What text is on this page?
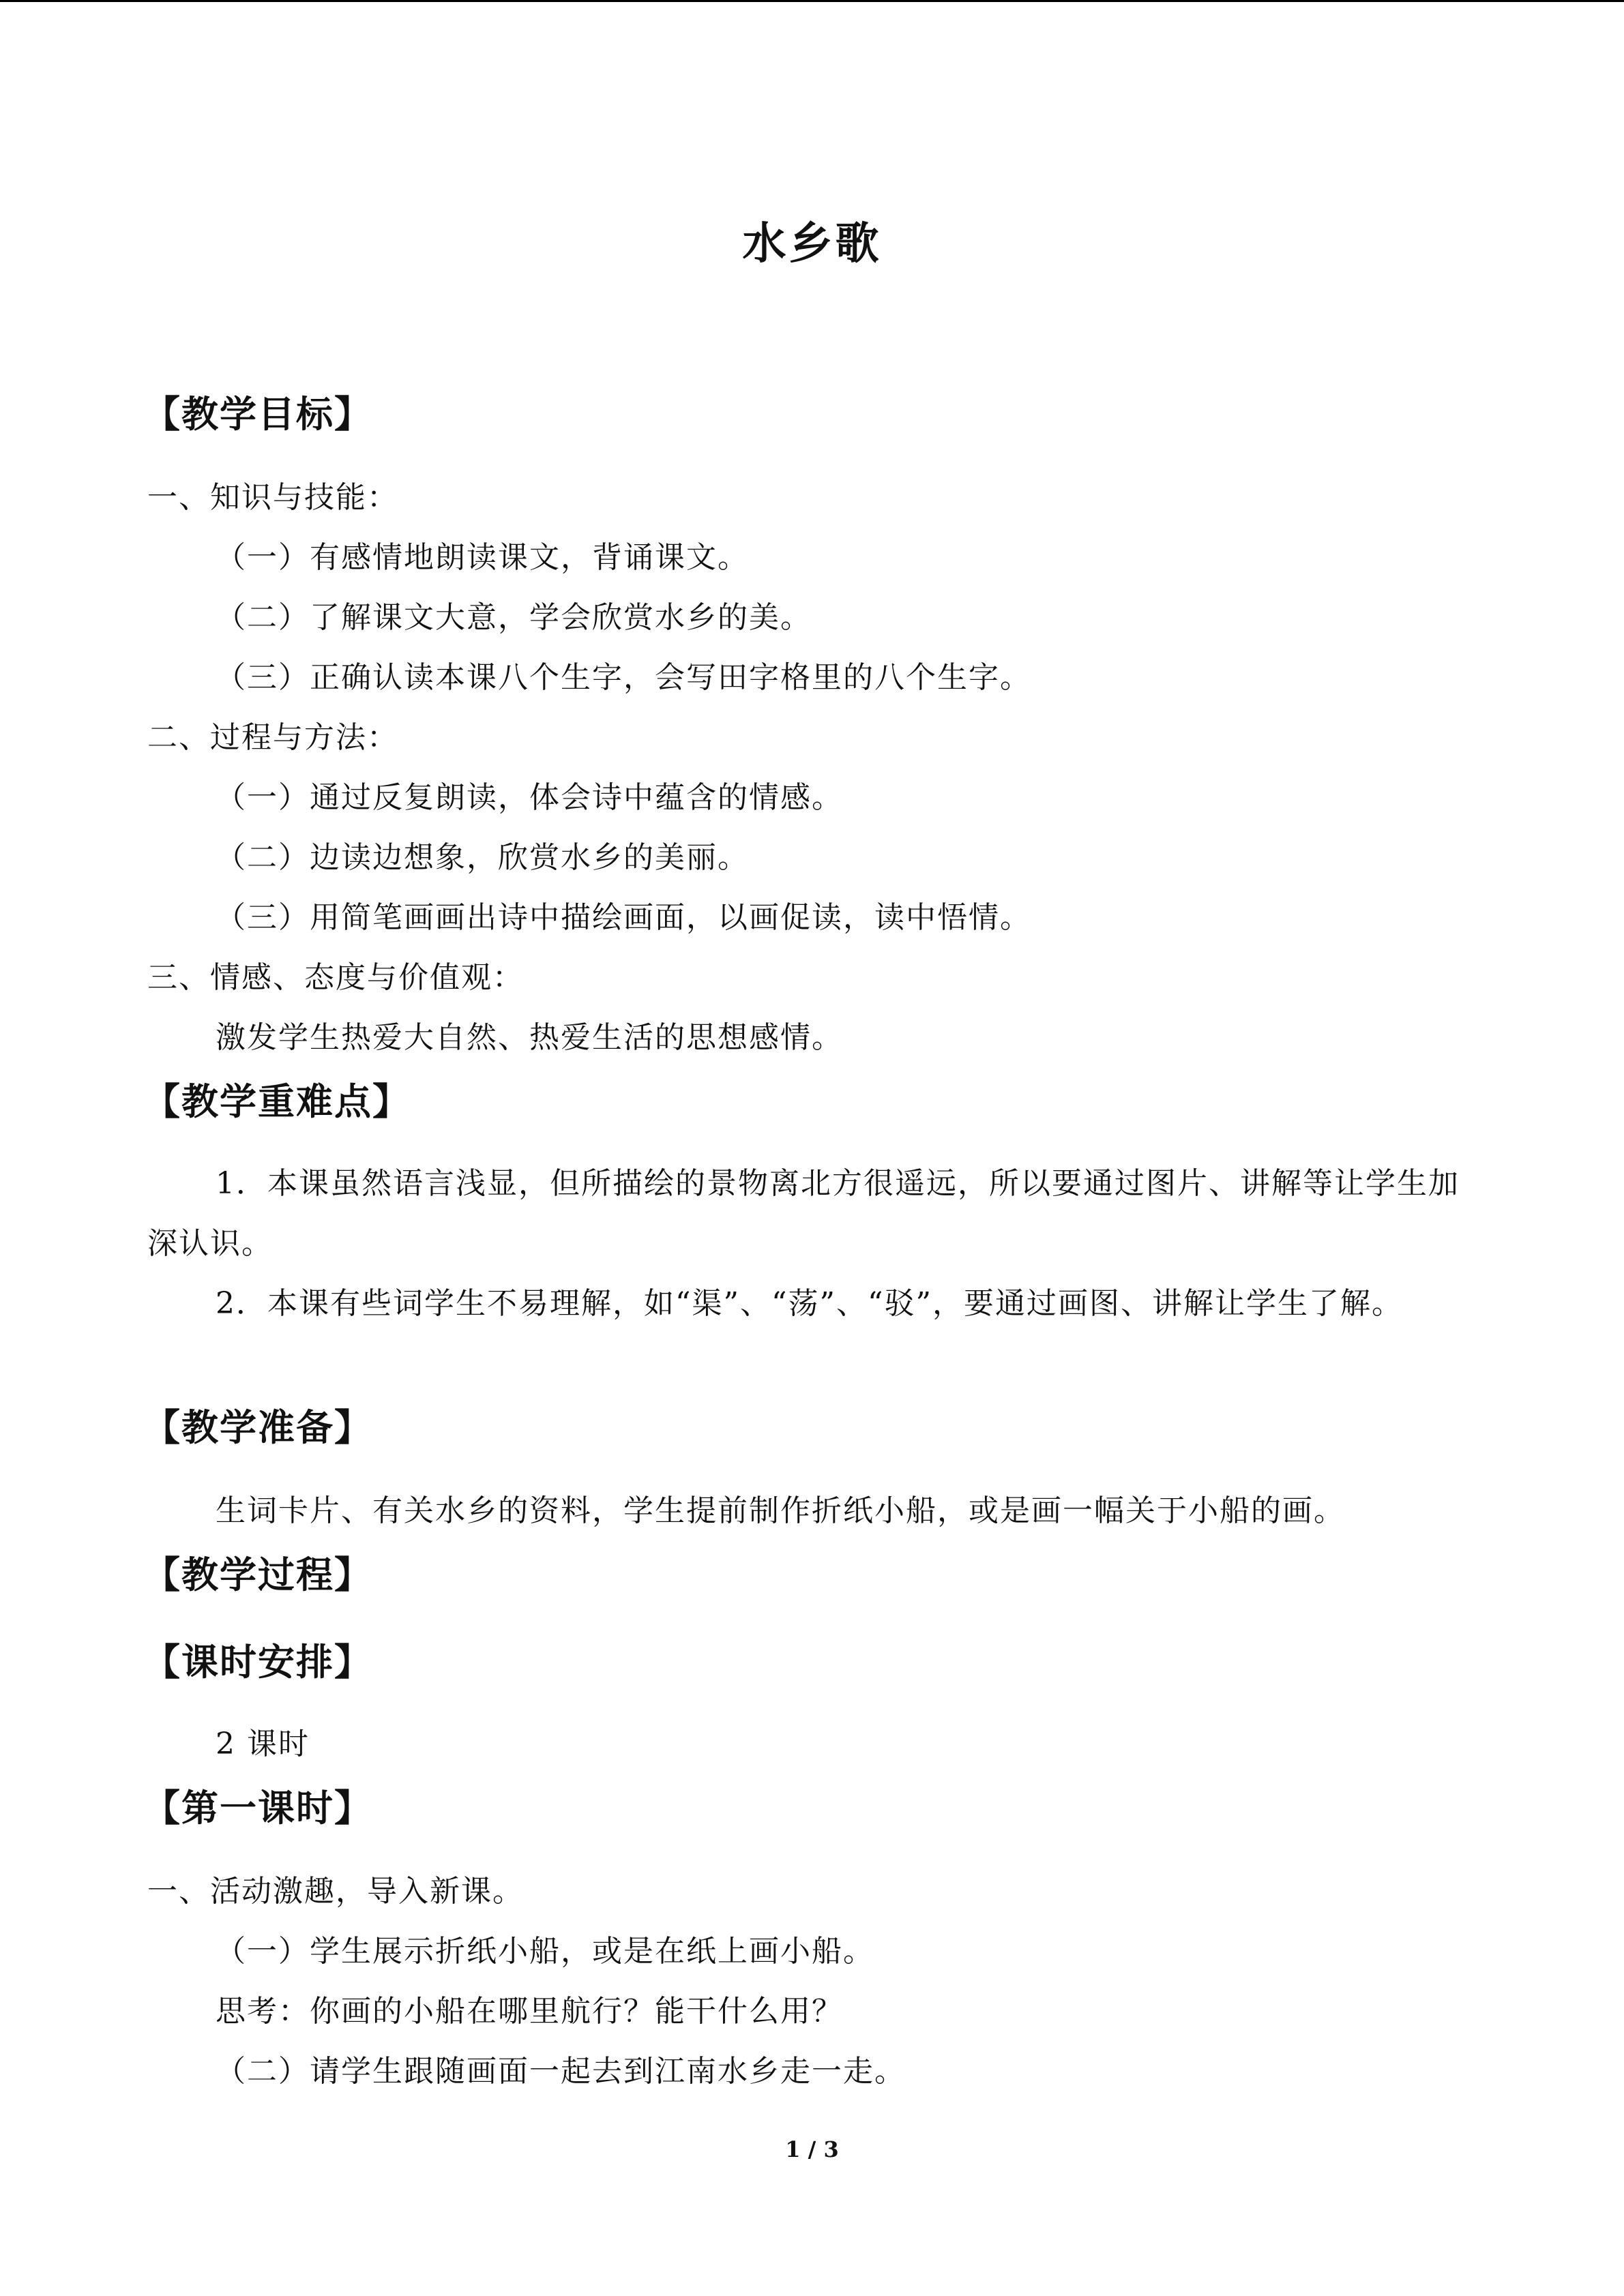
水乡歌
【教学目标】
一、知识与技能：
（一）有感情地朗读课文，背诵课文。
（二）了解课文大意，学会欣赏水乡的美。
（三）正确认读本课八个生字，会写田字格里的八个生字。
二、过程与方法：
（一）通过反复朗读，体会诗中蕴含的情感。
（二）边读边想象，欣赏水乡的美丽。
（三）用简笔画画出诗中描绘画面，以画促读，读中悟情。
三、情感、态度与价值观：
激发学生热爱大自然、热爱生活的思想感情。
【教学重难点】
1．本课虽然语言浅显，但所描绘的景物离北方很遥远，所以要通过图片、讲解等让学生加深认识。
2．本课有些词学生不易理解，如“渠”、“荡”、“驳”，要通过画图、讲解让学生了解。
【教学准备】
生词卡片、有关水乡的资料，学生提前制作折纸小船，或是画一幅关于小船的画。
【教学过程】
【课时安排】
2 课时
【第一课时】
一、活动激趣，导入新课。
（一）学生展示折纸小船，或是在纸上画小船。
思考：你画的小船在哪里航行？能干什么用？
（二）请学生跟随画面一起去到江南水乡走一走。
1 / 3
